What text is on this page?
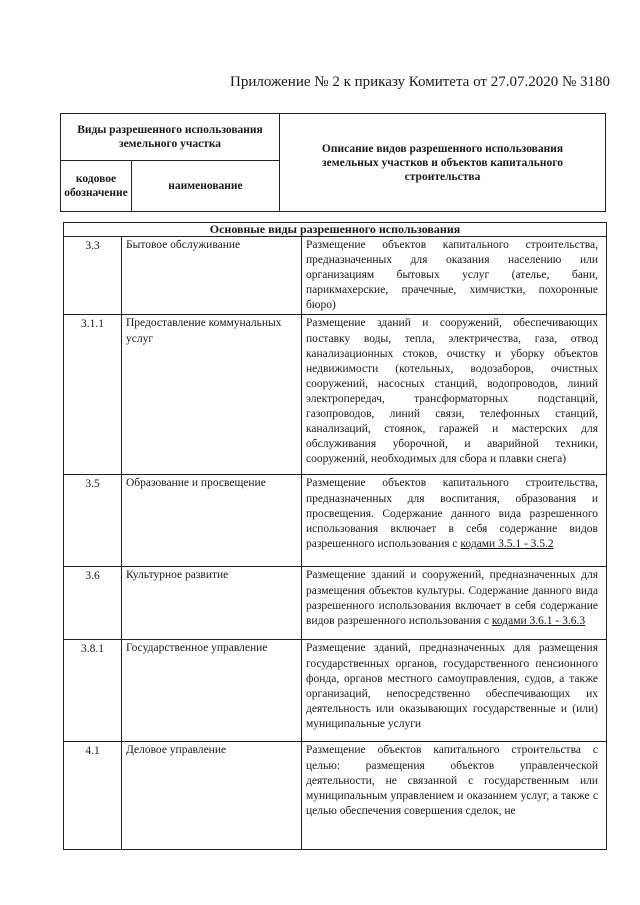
Приложение № 2 к приказу Комитета от 27.07.2020 № 3180
Виды разрешенного использования земельного участка		Описание видов разрешенного использования земельных участков и объектов капитального строительства
кодовое обозначение	наименование	
Основные виды разрешенного использования		
3.3	Бытовое обслуживание	Размещение объектов капитального строительства, предназначенных для оказания населению или организациям бытовых услуг (ателье, бани, парикмахерские, прачечные, химчистки, похоронные бюро)
3.1.1	Предоставление коммунальных услуг	Размещение зданий и сооружений, обеспечивающих поставку воды, тепла, электричества, газа, отвод канализационных стоков, очистку и уборку объектов недвижимости (котельных, водозаборов, очистных сооружений, насосных станций, водопроводов, линий электропередач, трансформаторных подстанций, газопроводов, линий связи, телефонных станций, канализаций, стоянок, гаражей и мастерских для обслуживания уборочной, и аварийной техники, сооружений, необходимых для сбора и плавки снега)
3.5	Образование и просвещение	Размещение объектов капитального строительства, предназначенных для воспитания, образования и просвещения. Содержание данного вида разрешенного использования включает в себя содержание видов разрешенного использования с кодами 3.5.1 - 3.5.2
3.6	Культурное развитие	Размещение зданий и сооружений, предназначенных для размещения объектов культуры. Содержание данного вида разрешенного использования включает в себя содержание видов разрешенного использования с кодами 3.6.1 - 3.6.3
3.8.1	Государственное управление	Размещение зданий, предназначенных для размещения государственных органов, государственного пенсионного фонда, органов местного самоуправления, судов, а также организаций, непосредственно обеспечивающих их деятельность или оказывающих государственные и (или) муниципальные услуги
4.1	Деловое управление	Размещение объектов капитального строительства с целью: размещения объектов управленческой деятельности, не связанной с государственным или муниципальным управлением и оказанием услуг, а также с целью обеспечения совершения сделок, не
